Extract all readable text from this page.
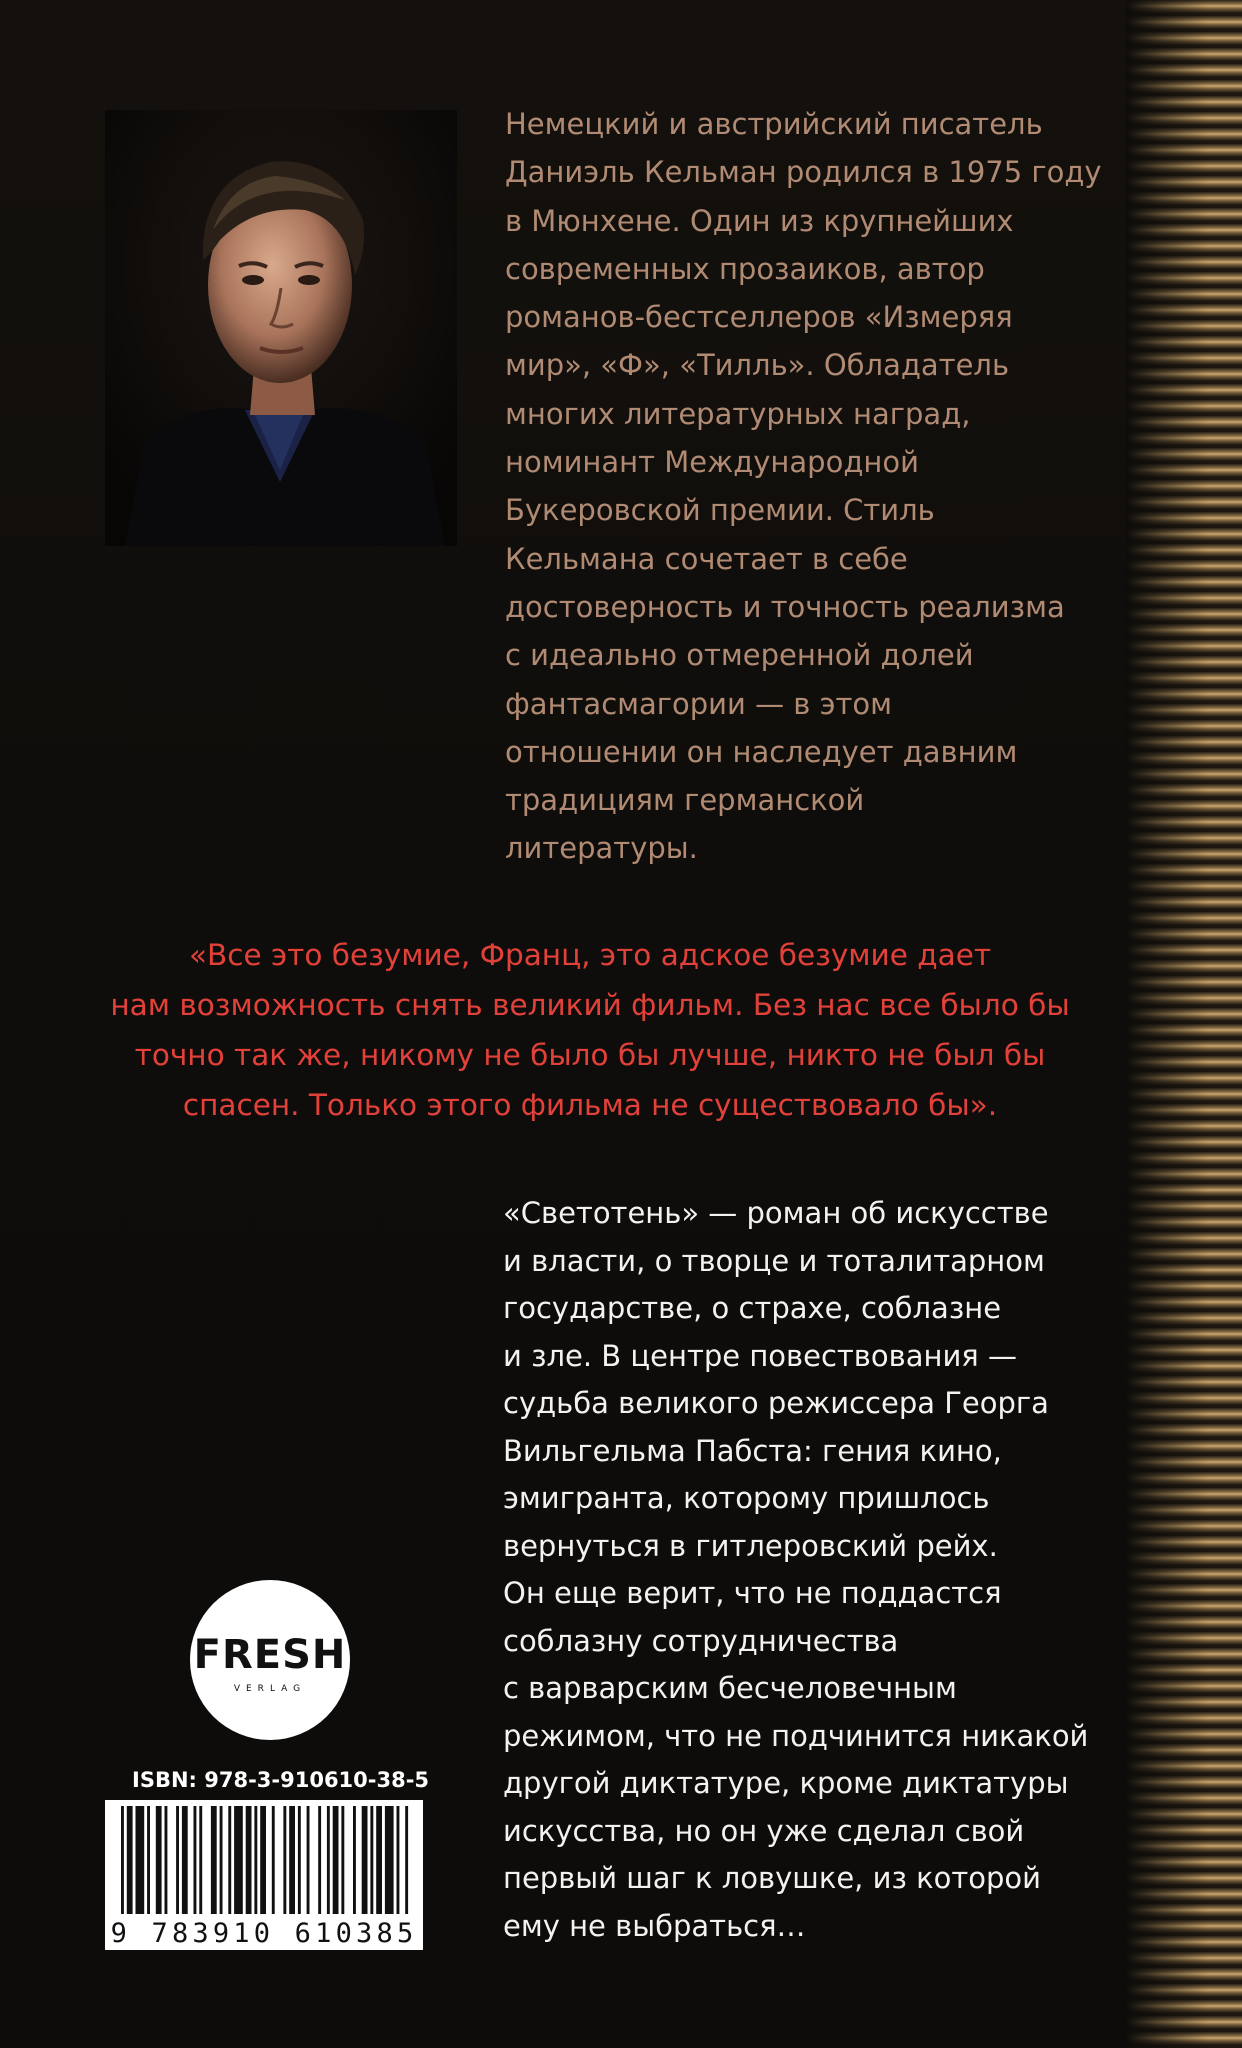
Немецкий и австрийский писатель
Даниэль Кельман родился в 1975 году
в Мюнхене. Один из крупнейших
современных прозаиков, автор
романов-бестселлеров «Измеряя
мир», «Ф», «Тилль». Обладатель
многих литературных наград,
номинант Международной
Букеровской премии. Стиль
Кельмана сочетает в себе
достоверность и точность реализма
с идеально отмеренной долей
фантасмагории — в этом
отношении он наследует давним
традициям германской
литературы.
«Все это безумие, Франц, это адское безумие дает
нам возможность снять великий фильм. Без нас все было бы
точно так же, никому не было бы лучше, никто не был бы
спасен. Только этого фильма не существовало бы».
«Светотень» — роман об искусстве
и власти, о творце и тоталитарном
государстве, о страхе, соблазне
и зле. В центре повествования —
судьба великого режиссера Георга
Вильгельма Пабста: гения кино,
эмигранта, которому пришлось
вернуться в гитлеровский рейх.
Он еще верит, что не поддастся
соблазну сотрудничества
с варварским бесчеловечным
режимом, что не подчинится никакой
другой диктатуре, кроме диктатуры
искусства, но он уже сделал свой
первый шаг к ловушке, из которой
ему не выбраться…
FRESH
VERLAG
ISBN: 978-3-910610-38-5
9 783910 610385
